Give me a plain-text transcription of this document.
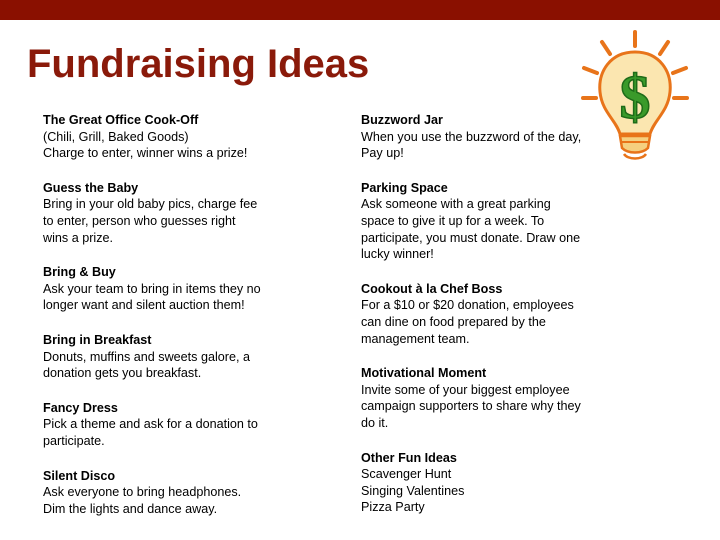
Fundraising Ideas	$
The Great Office Cook-Off
(Chili, Grill, Baked Goods)
Charge to enter, winner wins a prize!
Guess the Baby
Bring in your old baby pics, charge fee
to enter, person who guesses right
wins a prize.
Bring & Buy
Ask your team to bring in items they no
longer want and silent auction them!
Bring in Breakfast
Donuts, muffins and sweets galore, a
donation gets you breakfast.
Fancy Dress
Pick a theme and ask for a donation to
participate.
Silent Disco
Ask everyone to bring headphones.
Dim the lights and dance away.
Buzzword Jar
When you use the buzzword of the day,
Pay up!
Parking Space
Ask someone with a great parking
space to give it up for a week. To
participate, you must donate. Draw one
lucky winner!
Cookout à la Chef Boss
For a $10 or $20 donation, employees
can dine on food prepared by the
management team.
Motivational Moment
Invite some of your biggest employee
campaign supporters to share why they
do it.
Other Fun Ideas
Scavenger Hunt
Singing Valentines
Pizza Party
